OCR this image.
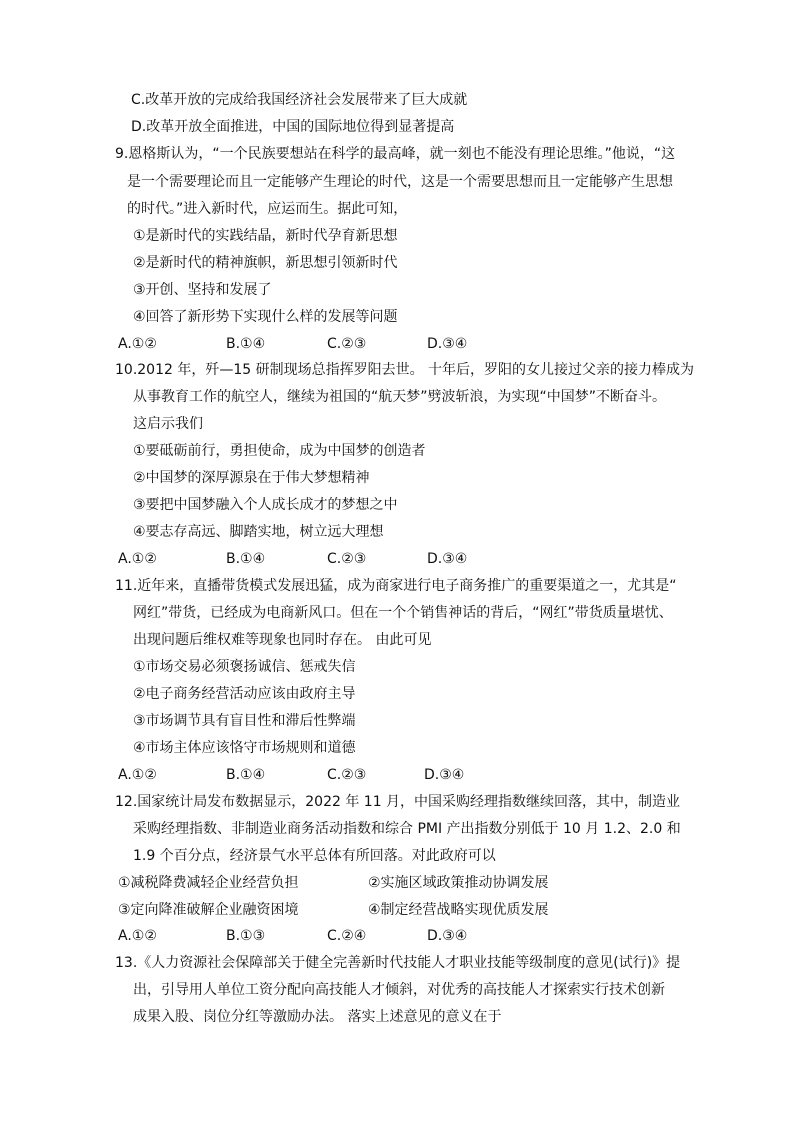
C.改革开放的完成给我国经济社会发展带来了巨大成就
D.改革开放全面推进，中国的国际地位得到显著提高
9.恩格斯认为，“一个民族要想站在科学的最高峰，就一刻也不能没有理论思维。”他说，“这
是一个需要理论而且一定能够产生理论的时代，这是一个需要思想而且一定能够产生思想
的时代。”进入新时代，应运而生。据此可知，
①是新时代的实践结晶，新时代孕育新思想
②是新时代的精神旗帜，新思想引领新时代
③开创、坚持和发展了
④回答了新形势下实现什么样的发展等问题
A.①②	B.①④	C.②③	D.③④
10.2012 年，歼—15 研制现场总指挥罗阳去世。 十年后，罗阳的女儿接过父亲的接力棒成为
从事教育工作的航空人，继续为祖国的“航天梦”劈波斩浪，为实现“中国梦”不断奋斗。
这启示我们
①要砥砺前行，勇担使命，成为中国梦的创造者
②中国梦的深厚源泉在于伟大梦想精神
③要把中国梦融入个人成长成才的梦想之中
④要志存高远、脚踏实地，树立远大理想
A.①②	B.①④	C.②③	D.③④
11.近年来，直播带货模式发展迅猛，成为商家进行电子商务推广的重要渠道之一，尤其是“
网红”带货，已经成为电商新风口。但在一个个销售神话的背后，“网红”带货质量堪忧、
出现问题后维权难等现象也同时存在。 由此可见
①市场交易必须褒扬诚信、惩戒失信
②电子商务经营活动应该由政府主导
③市场调节具有盲目性和滞后性弊端
④市场主体应该恪守市场规则和道德
A.①②	B.①④	C.②③	D.③④
12.国家统计局发布数据显示，2022 年 11 月，中国采购经理指数继续回落，其中，制造业
采购经理指数、非制造业商务活动指数和综合 PMI 产出指数分别低于 10 月 1.2、2.0 和
1.9 个百分点，经济景气水平总体有所回落。对此政府可以
①减税降费减轻企业经营负担	②实施区域政策推动协调发展
③定向降准破解企业融资困境	④制定经营战略实现优质发展
A.①②	B.①③	C.②④	D.③④
13.《人力资源社会保障部关于健全完善新时代技能人才职业技能等级制度的意见(试行)》提
出，引导用人单位工资分配向高技能人才倾斜，对优秀的高技能人才探索实行技术创新
成果入股、岗位分红等激励办法。 落实上述意见的意义在于
